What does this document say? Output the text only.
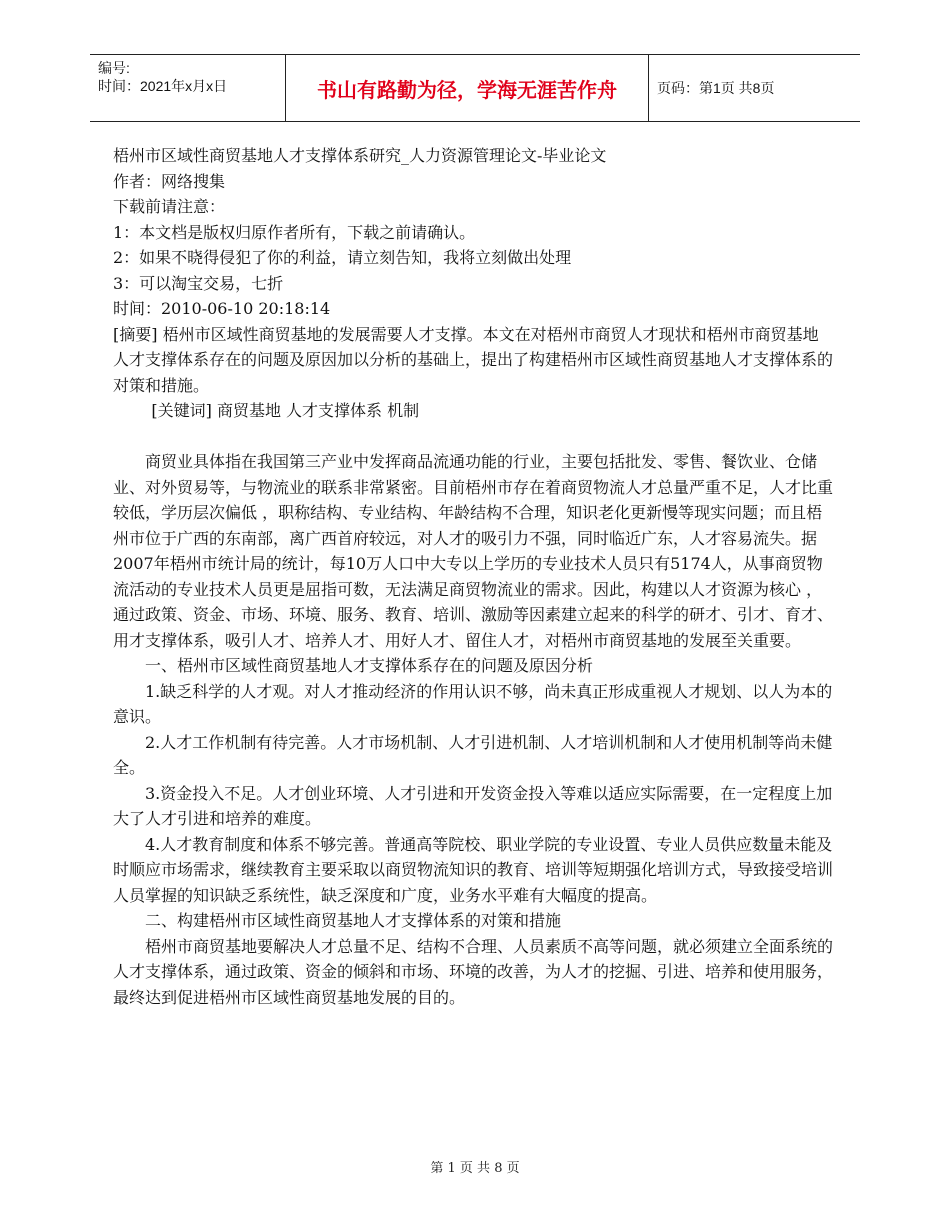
编号:
时间：2021年x月x日	书山有路勤为径，学海无涯苦作舟	页码：第1页 共8页

梧州市区域性商贸基地人才支撑体系研究_人力资源管理论文-毕业论文

作者：网络搜集

下载前请注意：

1：本文档是版权归原作者所有，下载之前请确认。

2：如果不晓得侵犯了你的利益，请立刻告知，我将立刻做出处理

3：可以淘宝交易，七折

时间：2010-06-10 20:18:14

[摘要] 梧州市区域性商贸基地的发展需要人才支撑。本文在对梧州市商贸人才现状和梧州市商贸基地人才支撑体系存在的问题及原因加以分析的基础上，提出了构建梧州市区域性商贸基地人才支撑体系的对策和措施。

[关键词] 商贸基地 人才支撑体系 机制

商贸业具体指在我国第三产业中发挥商品流通功能的行业，主要包括批发、零售、餐饮业、仓储业、对外贸易等，与物流业的联系非常紧密。目前梧州市存在着商贸物流人才总量严重不足，人才比重较低，学历层次偏低 ，职称结构、专业结构、年龄结构不合理，知识老化更新慢等现实问题；而且梧州市位于广西的东南部，离广西首府较远，对人才的吸引力不强，同时临近广东，人才容易流失。据2007年梧州市统计局的统计，每10万人口中大专以上学历的专业技术人员只有5174人，从事商贸物流活动的专业技术人员更是屈指可数，无法满足商贸物流业的需求。因此，构建以人才资源为核心 ，通过政策、资金、市场、环境、服务、教育、培训、激励等因素建立起来的科学的研才、引才、育才、用才支撑体系，吸引人才、培养人才、用好人才、留住人才，对梧州市商贸基地的发展至关重要。

一、梧州市区域性商贸基地人才支撑体系存在的问题及原因分析

1.缺乏科学的人才观。对人才推动经济的作用认识不够，尚未真正形成重视人才规划、以人为本的意识。

2.人才工作机制有待完善。人才市场机制、人才引进机制、人才培训机制和人才使用机制等尚未健全。

3.资金投入不足。人才创业环境、人才引进和开发资金投入等难以适应实际需要，在一定程度上加大了人才引进和培养的难度。

4.人才教育制度和体系不够完善。普通高等院校、职业学院的专业设置、专业人员供应数量未能及时顺应市场需求，继续教育主要采取以商贸物流知识的教育、培训等短期强化培训方式，导致接受培训人员掌握的知识缺乏系统性，缺乏深度和广度，业务水平难有大幅度的提高。

二、构建梧州市区域性商贸基地人才支撑体系的对策和措施

梧州市商贸基地要解决人才总量不足、结构不合理、人员素质不高等问题，就必须建立全面系统的人才支撑体系，通过政策、资金的倾斜和市场、环境的改善，为人才的挖掘、引进、培养和使用服务，最终达到促进梧州市区域性商贸基地发展的目的。

第 1 页 共 8 页
